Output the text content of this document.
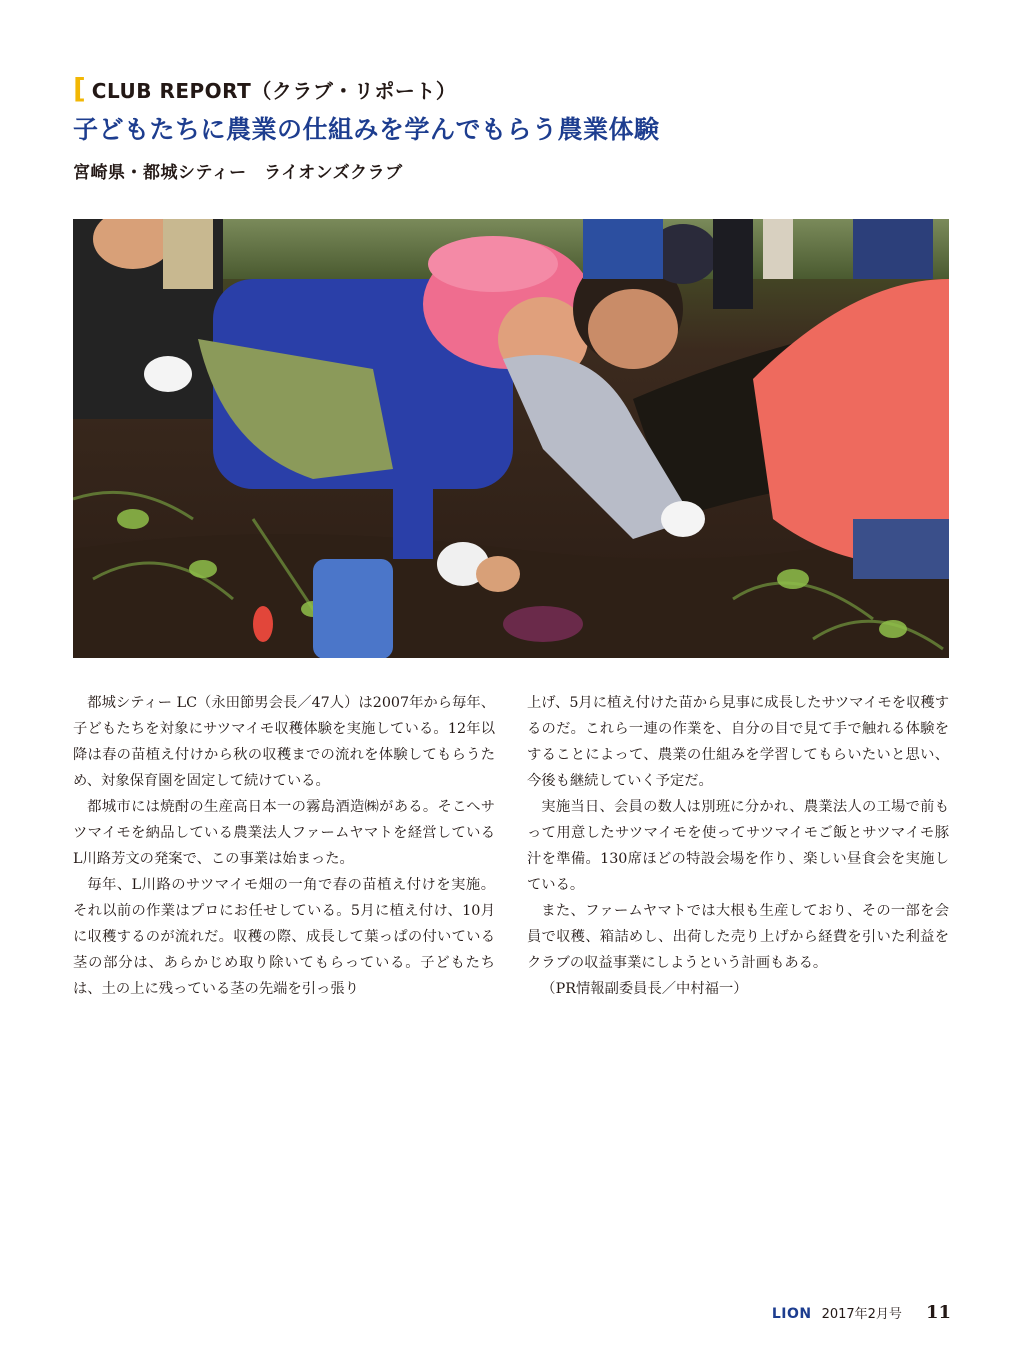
[ CLUB REPORT（クラブ・リポート）
子どもたちに農業の仕組みを学んでもらう農業体験
宮崎県・都城シティー　ライオンズクラブ

都城シティー LC（永田節男会長／47人）は2007年から毎年、子どもたちを対象にサツマイモ収穫体験を実施している。12年以降は春の苗植え付けから秋の収穫までの流れを体験してもらうため、対象保育園を固定して続けている。

都城市には焼酎の生産高日本一の霧島酒造㈱がある。そこへサツマイモを納品している農業法人ファームヤマトを経営しているL川路芳文の発案で、この事業は始まった。

毎年、L川路のサツマイモ畑の一角で春の苗植え付けを実施。それ以前の作業はプロにお任せしている。5月に植え付け、10月に収穫するのが流れだ。収穫の際、成長して葉っぱの付いている茎の部分は、あらかじめ取り除いてもらっている。子どもたちは、土の上に残っている茎の先端を引っ張り

上げ、5月に植え付けた苗から見事に成長したサツマイモを収穫するのだ。これら一連の作業を、自分の目で見て手で触れる体験をすることによって、農業の仕組みを学習してもらいたいと思い、今後も継続していく予定だ。

実施当日、会員の数人は別班に分かれ、農業法人の工場で前もって用意したサツマイモを使ってサツマイモご飯とサツマイモ豚汁を準備。130席ほどの特設会場を作り、楽しい昼食会を実施している。

また、ファームヤマトでは大根も生産しており、その一部を会員で収穫、箱詰めし、出荷した売り上げから経費を引いた利益をクラブの収益事業にしようという計画もある。

（PR情報副委員長／中村福一）

LION 2017年2月号 11
